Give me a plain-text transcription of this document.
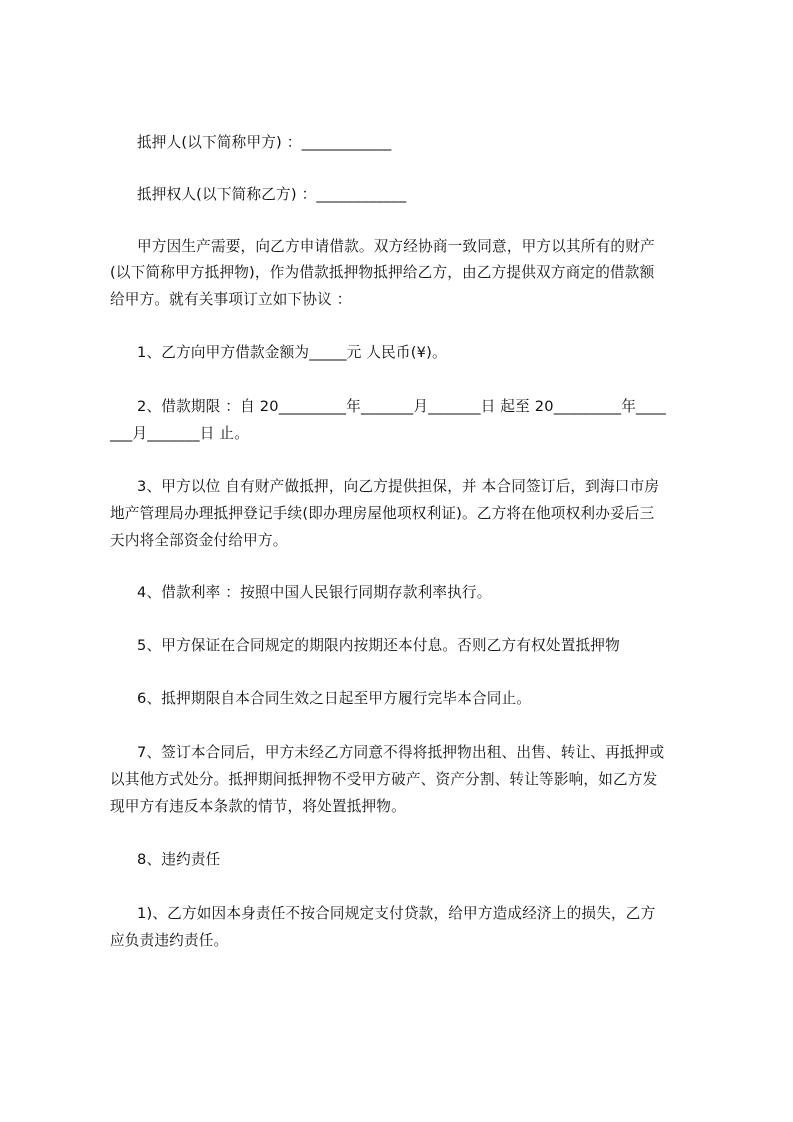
抵押人(以下简称甲方) ：____________
抵押权人(以下简称乙方) ：____________
甲方因生产需要，向乙方申请借款。双方经协商一致同意，甲方以其所有的财产
(以下简称甲方抵押物)，作为借款抵押物抵押给乙方，由乙方提供双方商定的借款额
给甲方。就有关事项订立如下协议 ：
1、乙方向甲方借款金额为_____元 人民币(¥)。
2、借款期限 ：自 20_________年_______月_______日 起至 20_________年____
___月_______日 止。
3、甲方以位 自有财产做抵押，向乙方提供担保，并 本合同签订后，到海口市房
地产管理局办理抵押登记手续(即办理房屋他项权利证)。乙方将在他项权利办妥后三
天内将全部资金付给甲方。
4、借款利率 ：按照中国人民银行同期存款利率执行。
5、甲方保证在合同规定的期限内按期还本付息。否则乙方有权处置抵押物
6、抵押期限自本合同生效之日起至甲方履行完毕本合同止。
7、签订本合同后，甲方未经乙方同意不得将抵押物出租、出售、转让、再抵押或
以其他方式处分。抵押期间抵押物不受甲方破产、资产分割、转让等影响，如乙方发
现甲方有违反本条款的情节，将处置抵押物。
8、违约责任
1)、乙方如因本身责任不按合同规定支付贷款，给甲方造成经济上的损失，乙方
应负责违约责任。
